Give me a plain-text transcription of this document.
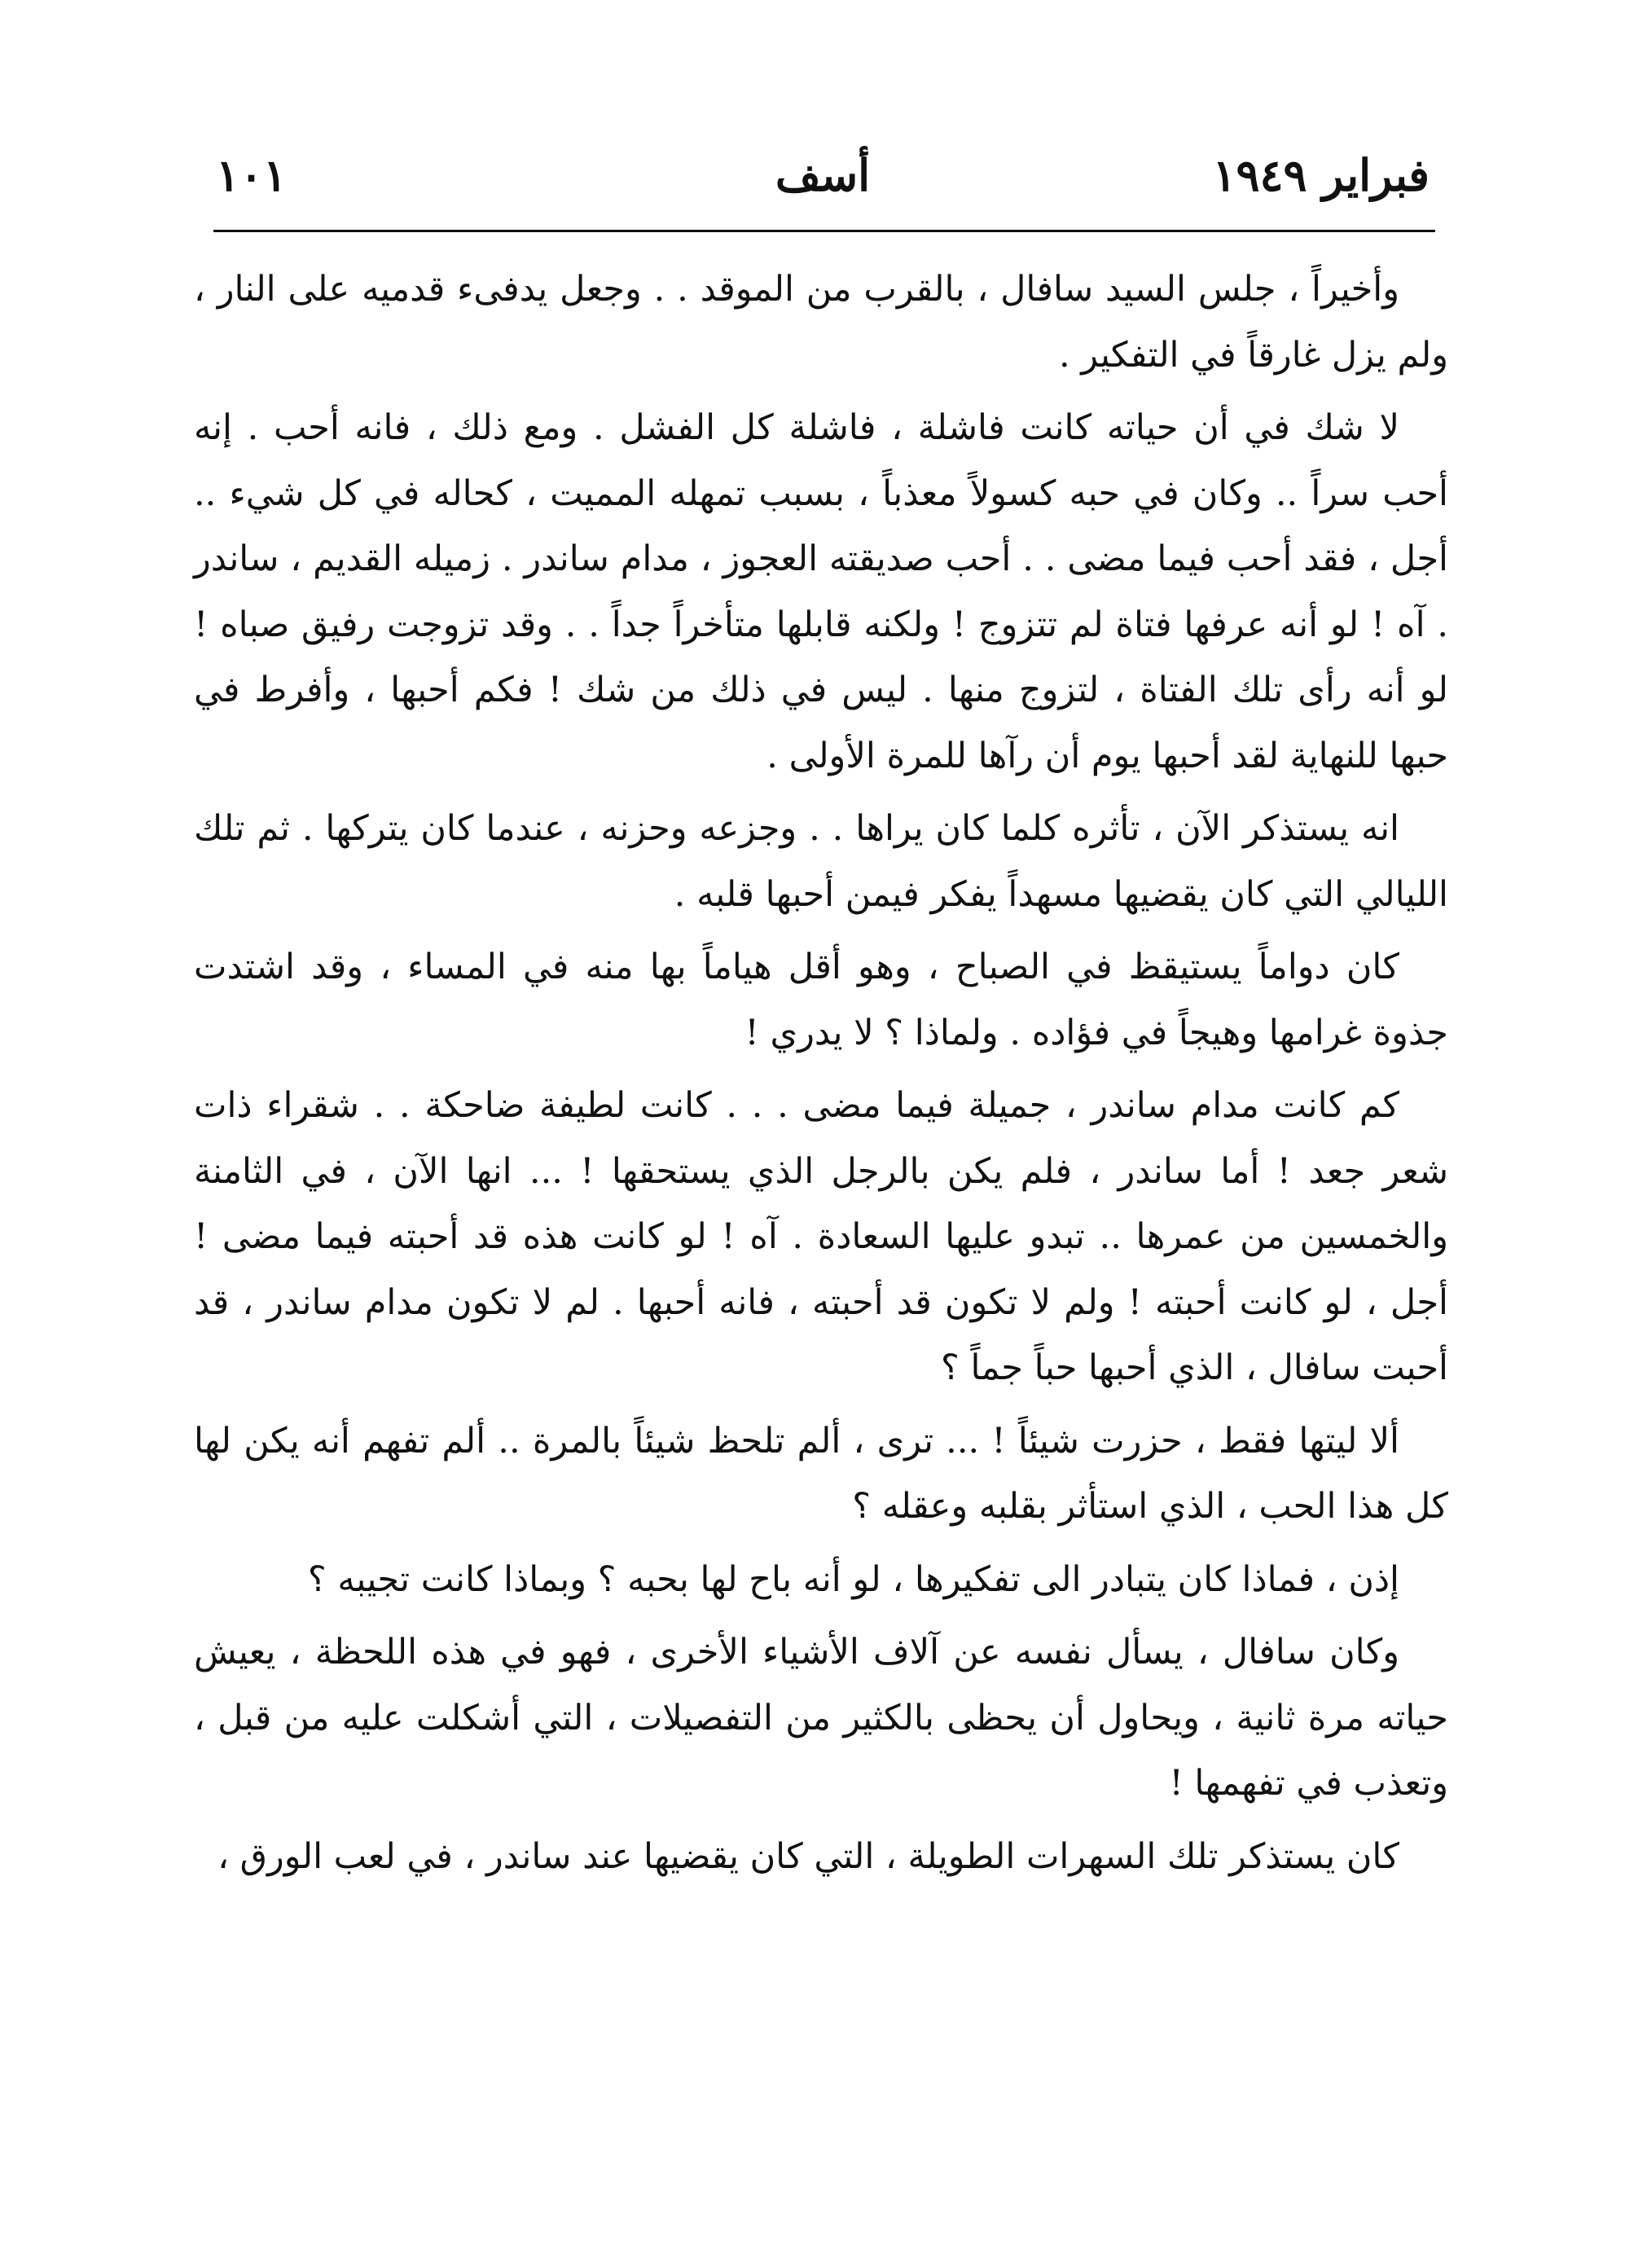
فبراير ١٩٤٩
أسف
١٠١

وأخيراً ، جلس السيد سافال ، بالقرب من الموقد . . وجعل يدفىء قدميه على النار ، ولم يزل غارقاً في التفكير .

لا شك في أن حياته كانت فاشلة ، فاشلة كل الفشل . ومع ذلك ، فانه أحب . إنه أحب سراً .. وكان في حبه كسولاً معذباً ، بسبب تمهله المميت ، كحاله في كل شيء .. أجل ، فقد أحب فيما مضى . . أحب صديقته العجوز ، مدام ساندر . زميله القديم ، ساندر . آه ! لو أنه عرفها فتاة لم تتزوج ! ولكنه قابلها متأخراً جداً . . وقد تزوجت رفيق صباه ! لو أنه رأى تلك الفتاة ، لتزوج منها . ليس في ذلك من شك ! فكم أحبها ، وأفرط في حبها للنهاية لقد أحبها يوم أن رآها للمرة الأولى .

انه يستذكر الآن ، تأثره كلما كان يراها . . وجزعه وحزنه ، عندما كان يتركها . ثم تلك الليالي التي كان يقضيها مسهداً يفكر فيمن أحبها قلبه .

كان دواماً يستيقظ في الصباح ، وهو أقل هياماً بها منه في المساء ، وقد اشتدت جذوة غرامها وهيجاً في فؤاده . ولماذا ؟ لا يدري !

كم كانت مدام ساندر ، جميلة فيما مضى . . . كانت لطيفة ضاحكة . . شقراء ذات شعر جعد ! أما ساندر ، فلم يكن بالرجل الذي يستحقها ! ... انها الآن ، في الثامنة والخمسين من عمرها .. تبدو عليها السعادة . آه ! لو كانت هذه قد أحبته فيما مضى ! أجل ، لو كانت أحبته ! ولم لا تكون قد أحبته ، فانه أحبها . لم لا تكون مدام ساندر ، قد أحبت سافال ، الذي أحبها حباً جماً ؟

ألا ليتها فقط ، حزرت شيئاً ! ... ترى ، ألم تلحظ شيئاً بالمرة .. ألم تفهم أنه يكن لها كل هذا الحب ، الذي استأثر بقلبه وعقله ؟

إذن ، فماذا كان يتبادر الى تفكيرها ، لو أنه باح لها بحبه ؟ وبماذا كانت تجيبه ؟

وكان سافال ، يسأل نفسه عن آلاف الأشياء الأخرى ، فهو في هذه اللحظة ، يعيش حياته مرة ثانية ، ويحاول أن يحظى بالكثير من التفصيلات ، التي أشكلت عليه من قبل ، وتعذب في تفهمها !

كان يستذكر تلك السهرات الطويلة ، التي كان يقضيها عند ساندر ، في لعب الورق ،
